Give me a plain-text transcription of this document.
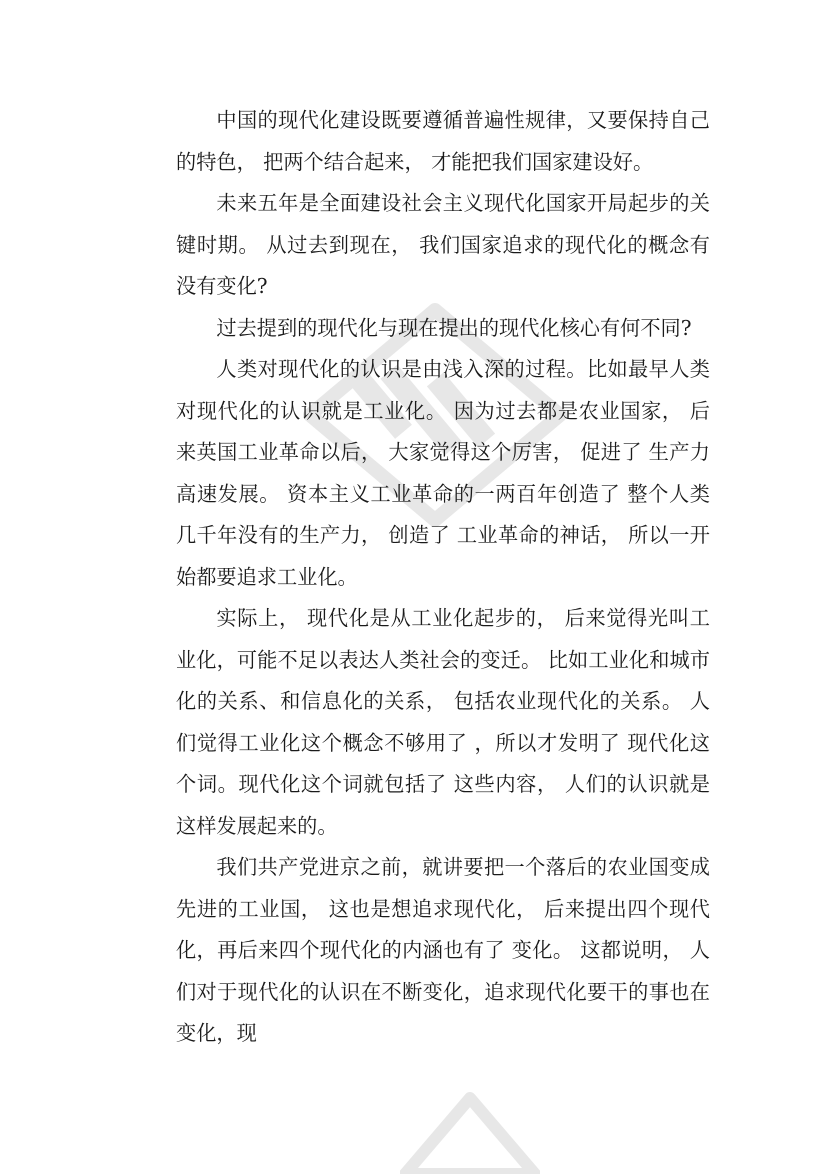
中国的现代化建设既要遵循普遍性规律，又要保持自己的特色， 把两个结合起来， 才能把我们国家建设好。

未来五年是全面建设社会主义现代化国家开局起步的关键时期。 从过去到现在， 我们国家追求的现代化的概念有没有变化?

过去提到的现代化与现在提出的现代化核心有何不同?

人类对现代化的认识是由浅入深的过程。比如最早人类对现代化的认识就是工业化。 因为过去都是农业国家， 后来英国工业革命以后， 大家觉得这个厉害， 促进了 生产力高速发展。 资本主义工业革命的一两百年创造了 整个人类几千年没有的生产力， 创造了 工业革命的神话， 所以一开始都要追求工业化。

实际上， 现代化是从工业化起步的， 后来觉得光叫工业化，可能不足以表达人类社会的变迁。 比如工业化和城市化的关系、和信息化的关系， 包括农业现代化的关系。 人们觉得工业化这个概念不够用了 ，所以才发明了 现代化这个词。现代化这个词就包括了 这些内容， 人们的认识就是这样发展起来的。

我们共产党进京之前，就讲要把一个落后的农业国变成先进的工业国， 这也是想追求现代化， 后来提出四个现代化，再后来四个现代化的内涵也有了 变化。 这都说明， 人们对于现代化的认识在不断变化，追求现代化要干的事也在变化，现
